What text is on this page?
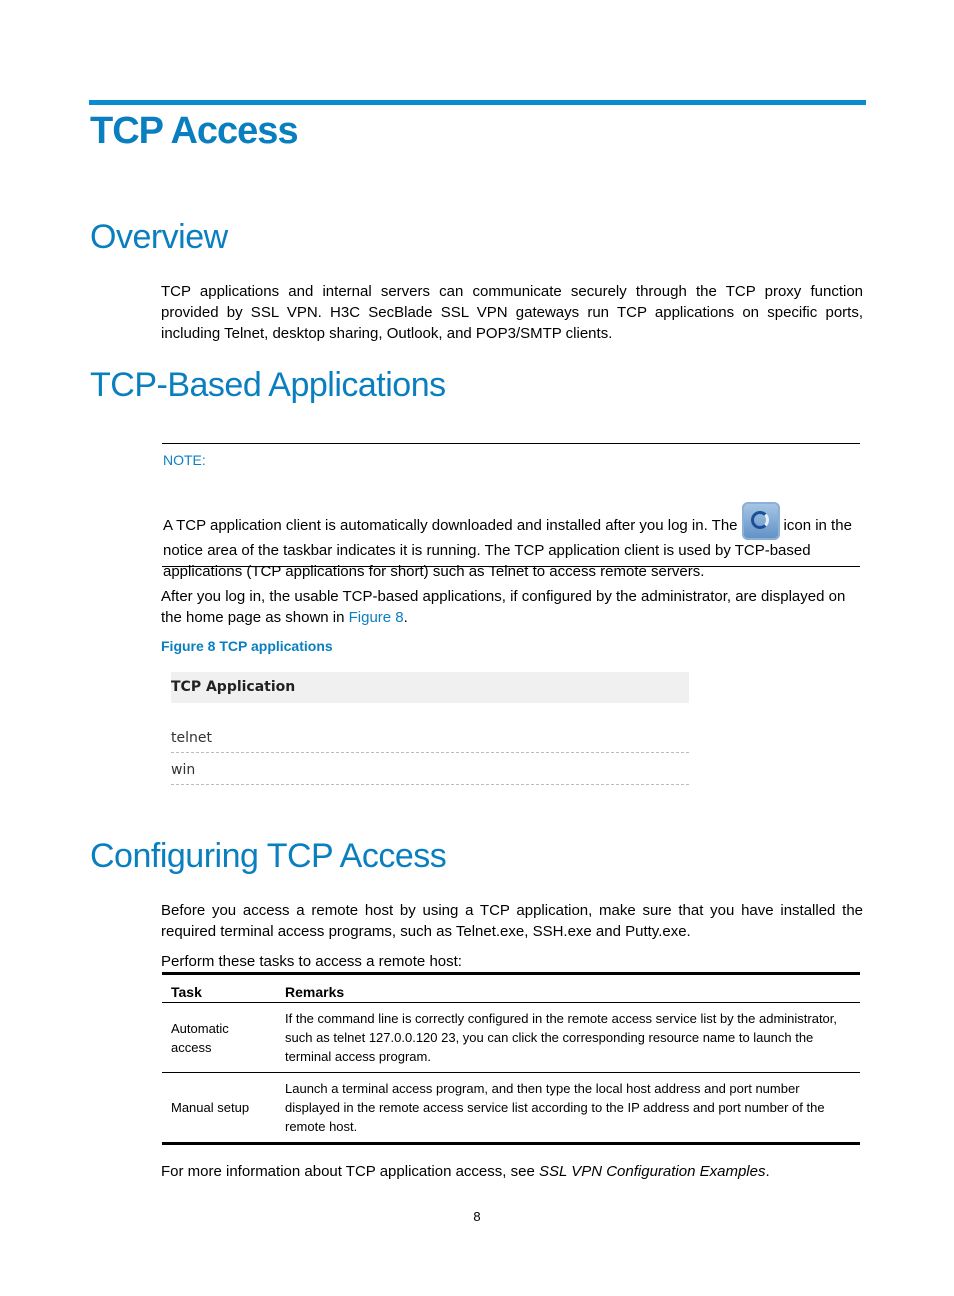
TCP Access
Overview
TCP applications and internal servers can communicate securely through the TCP proxy function provided by SSL VPN. H3C SecBlade SSL VPN gateways run TCP applications on specific ports, including Telnet, desktop sharing, Outlook, and POP3/SMTP clients.
TCP-Based Applications
NOTE:
A TCP application client is automatically downloaded and installed after you log in. The	icon in the notice area of the taskbar indicates it is running. The TCP application client is used by TCP-based applications (TCP applications for short) such as Telnet to access remote servers.
After you log in, the usable TCP-based applications, if configured by the administrator, are displayed on the home page as shown in Figure 8.
Figure 8 TCP applications
TCP Application
telnet
win
Configuring TCP Access
Before you access a remote host by using a TCP application, make sure that you have installed the required terminal access programs, such as Telnet.exe, SSH.exe and Putty.exe.
Perform these tasks to access a remote host:
Task	Remarks
Automatic access	If the command line is correctly configured in the remote access service list by the administrator, such as telnet 127.0.0.120 23, you can click the corresponding resource name to launch the terminal access program.
Manual setup	Launch a terminal access program, and then type the local host address and port number displayed in the remote access service list according to the IP address and port number of the remote host.
For more information about TCP application access, see SSL VPN Configuration Examples.
8
